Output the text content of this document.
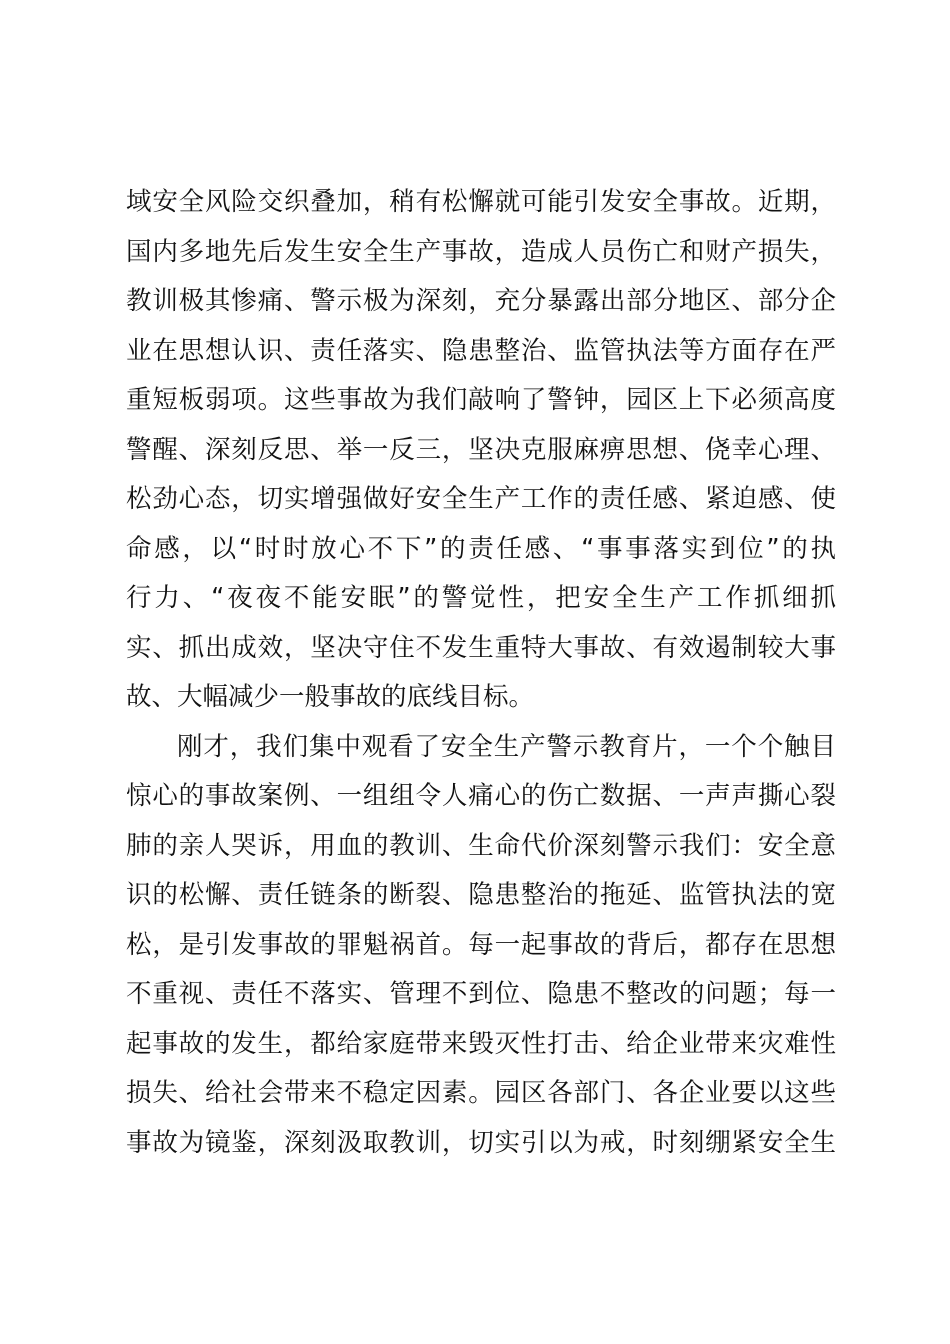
域安全风险交织叠加，稍有松懈就可能引发安全事故。近期，
国内多地先后发生安全生产事故，造成人员伤亡和财产损失，
教训极其惨痛、警示极为深刻，充分暴露出部分地区、部分企
业在思想认识、责任落实、隐患整治、监管执法等方面存在严
重短板弱项。这些事故为我们敲响了警钟，园区上下必须高度
警醒、深刻反思、举一反三，坚决克服麻痹思想、侥幸心理、
松劲心态，切实增强做好安全生产工作的责任感、紧迫感、使
命感，以“时时放心不下”的责任感、“事事落实到位”的执
行力、“夜夜不能安眠”的警觉性，把安全生产工作抓细抓
实、抓出成效，坚决守住不发生重特大事故、有效遏制较大事
故、大幅减少一般事故的底线目标。
刚才，我们集中观看了安全生产警示教育片，一个个触目
惊心的事故案例、一组组令人痛心的伤亡数据、一声声撕心裂
肺的亲人哭诉，用血的教训、生命代价深刻警示我们：安全意
识的松懈、责任链条的断裂、隐患整治的拖延、监管执法的宽
松，是引发事故的罪魁祸首。每一起事故的背后，都存在思想
不重视、责任不落实、管理不到位、隐患不整改的问题；每一
起事故的发生，都给家庭带来毁灭性打击、给企业带来灾难性
损失、给社会带来不稳定因素。园区各部门、各企业要以这些
事故为镜鉴，深刻汲取教训，切实引以为戒，时刻绷紧安全生
